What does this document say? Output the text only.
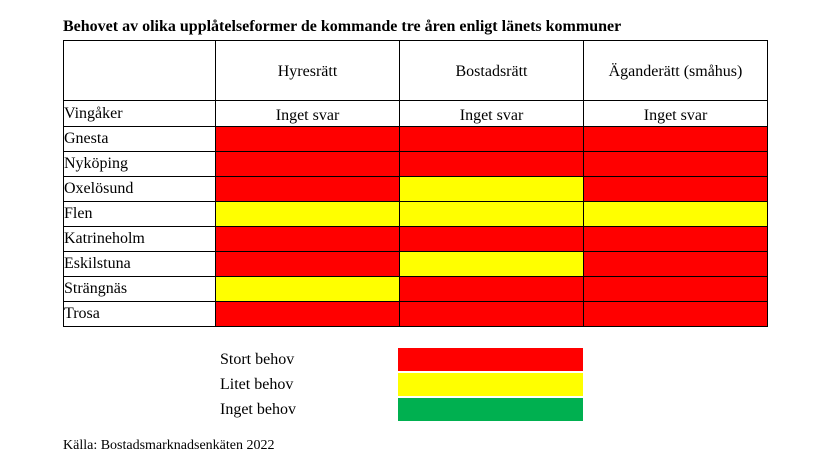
Behovet av olika upplåtelseformer de kommande tre åren enligt länets kommuner
	Hyresrätt	Bostadsrätt	Äganderätt (småhus)
Vingåker	Inget svar	Inget svar	Inget svar
Gnesta			
Nyköping			
Oxelösund			
Flen			
Katrineholm			
Eskilstuna			
Strängnäs			
Trosa			
Stort behov
Litet behov
Inget behov
Källa: Bostadsmarknadsenkäten 2022
